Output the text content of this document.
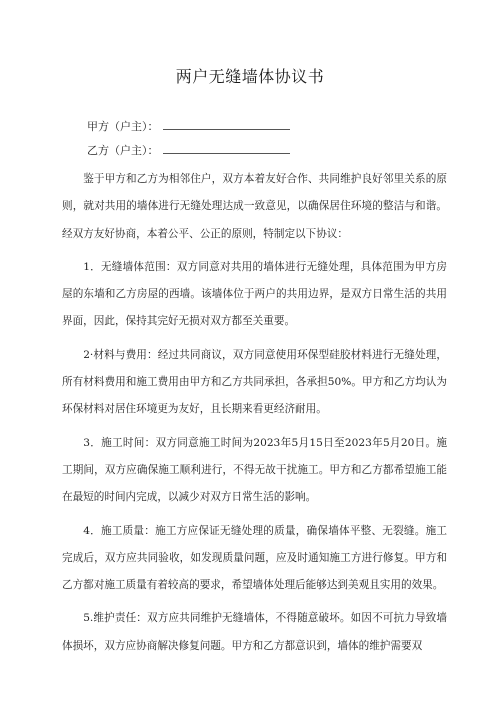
两户无缝墙体协议书
甲方（户主）：
乙方（户主）：

鉴于甲方和乙方为相邻住户，双方本着友好合作、共同维护良好邻里关系的原则，就对共用的墙体进行无缝处理达成一致意见，以确保居住环境的整洁与和谐。经双方友好协商，本着公平、公正的原则，特制定以下协议：

1．无缝墙体范围：双方同意对共用的墙体进行无缝处理，具体范围为甲方房屋的东墙和乙方房屋的西墙。该墙体位于两户的共用边界，是双方日常生活的共用界面，因此，保持其完好无损对双方都至关重要。

2·材料与费用：经过共同商议，双方同意使用环保型硅胶材料进行无缝处理，所有材料费用和施工费用由甲方和乙方共同承担，各承担50%。甲方和乙方均认为环保材料对居住环境更为友好，且长期来看更经济耐用。

3．施工时间：双方同意施工时间为2023年5月15日至2023年5月20日。施工期间，双方应确保施工顺利进行，不得无故干扰施工。甲方和乙方都希望施工能在最短的时间内完成，以减少对双方日常生活的影响。

4．施工质量：施工方应保证无缝处理的质量，确保墙体平整、无裂缝。施工完成后，双方应共同验收，如发现质量问题，应及时通知施工方进行修复。甲方和乙方都对施工质量有着较高的要求，希望墙体处理后能够达到美观且实用的效果。

5.维护责任：双方应共同维护无缝墙体，不得随意破坏。如因不可抗力导致墙体损坏，双方应协商解决修复问题。甲方和乙方都意识到，墙体的维护需要双
